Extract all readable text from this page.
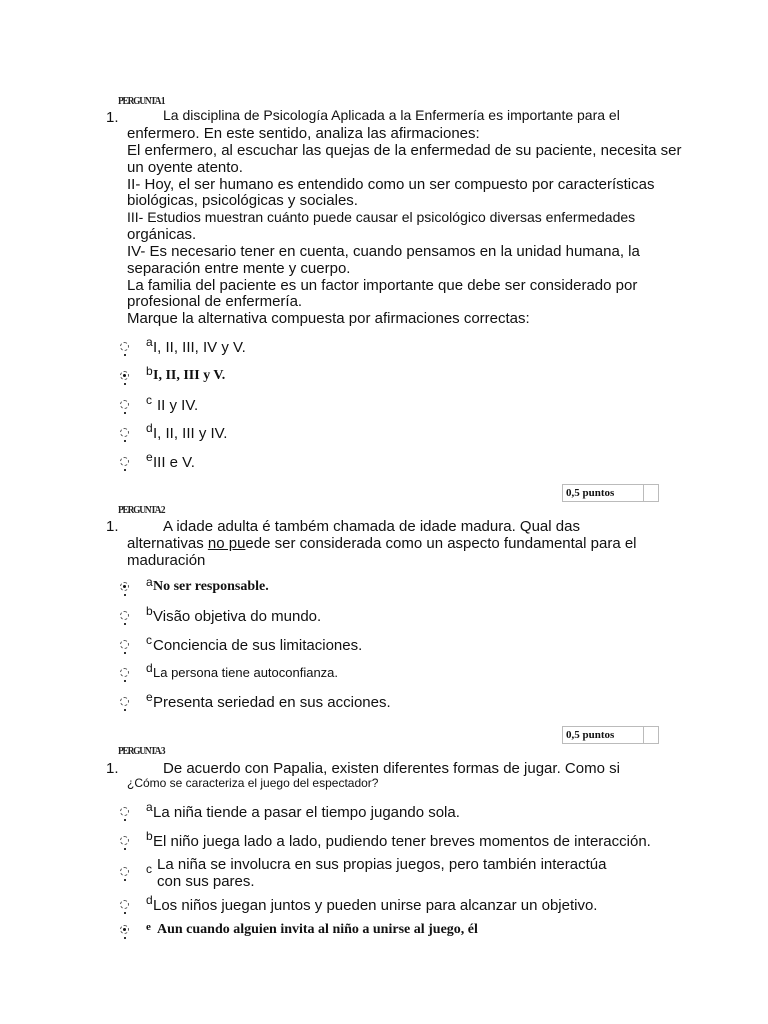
PERGUNTA 1
1.	La disciplina de Psicología Aplicada a la Enfermería es importante para el
enfermero. En este sentido, analiza las afirmaciones:
El enfermero, al escuchar las quejas de la enfermedad de su paciente, necesita ser
un oyente atento.
II- Hoy, el ser humano es entendido como un ser compuesto por características
biológicas, psicológicas y sociales.
III- Estudios muestran cuánto puede causar el psicológico diversas enfermedades
orgánicas.
IV- Es necesario tener en cuenta, cuando pensamos en la unidad humana, la
separación entre mente y cuerpo.
La familia del paciente es un factor importante que debe ser considerado por
profesional de enfermería.
Marque la alternativa compuesta por afirmaciones correctas:
a I, II, III, IV y V.
b I, II, III y V.
c II y IV.
d I, II, III y IV.
e III e V.
0,5 puntos
PERGUNTA 2
1.	A idade adulta é também chamada de idade madura. Qual das
alternativas no puede ser considerada como un aspecto fundamental para el
maduración
a No ser responsable.
b Visão objetiva do mundo.
c Conciencia de sus limitaciones.
d La persona tiene autoconfianza.
e Presenta seriedad en sus acciones.
0,5 puntos
PERGUNTA 3
1.	De acuerdo con Papalia, existen diferentes formas de jugar. Como si
¿Cómo se caracteriza el juego del espectador?
a La niña tiende a pasar el tiempo jugando sola.
b El niño juega lado a lado, pudiendo tener breves momentos de interacción.
c La niña se involucra en sus propias juegos, pero también interactúa
con sus pares.
d Los niños juegan juntos y pueden unirse para alcanzar un objetivo.
e Aun cuando alguien invita al niño a unirse al juego, él
